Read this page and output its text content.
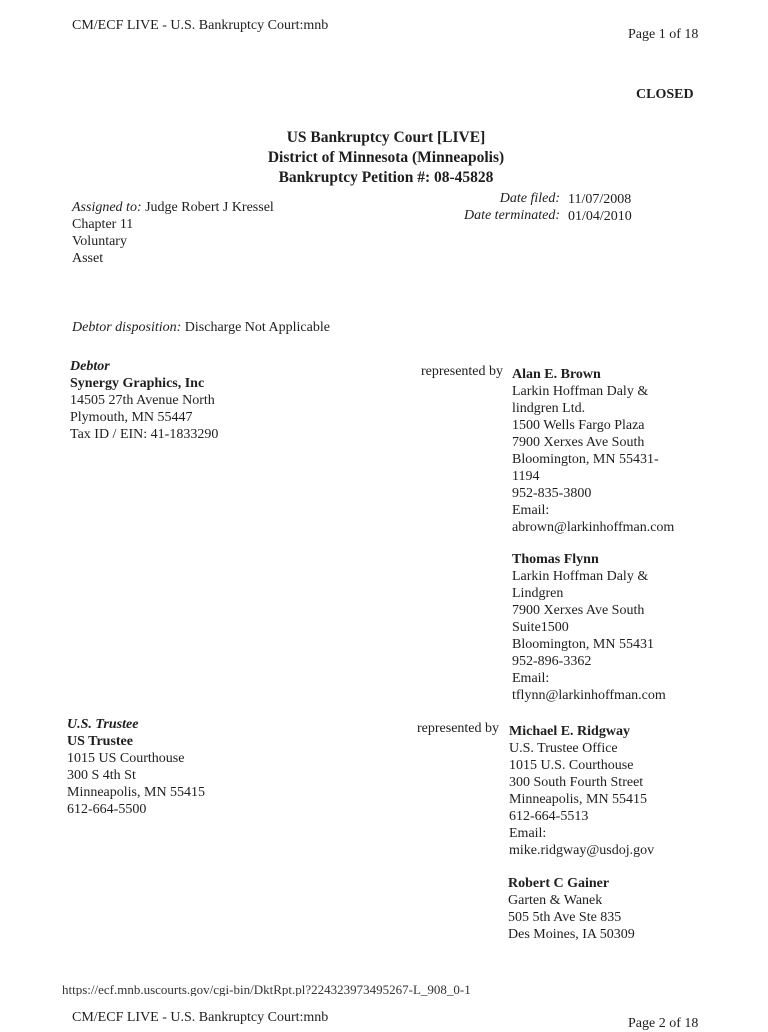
CM/ECF LIVE - U.S. Bankruptcy Court:mnb
Page 1 of 18
CLOSED
US Bankruptcy Court [LIVE]
District of Minnesota (Minneapolis)
Bankruptcy Petition #: 08-45828
Assigned to: Judge Robert J Kressel
Chapter 11
Voluntary
Asset
Date filed:
Date terminated:
11/07/2008
01/04/2010
Debtor disposition: Discharge Not Applicable
Debtor
Synergy Graphics, Inc
14505 27th Avenue North
Plymouth, MN 55447
Tax ID / EIN: 41-1833290
represented by Alan E. Brown
Larkin Hoffman Daly &
lindgren Ltd.
1500 Wells Fargo Plaza
7900 Xerxes Ave South
Bloomington, MN 55431-
1194
952-835-3800
Email:
abrown@larkinhoffman.com
Thomas Flynn
Larkin Hoffman Daly &
Lindgren
7900 Xerxes Ave South
Suite1500
Bloomington, MN 55431
952-896-3362
Email:
tflynn@larkinhoffman.com
U.S. Trustee
US Trustee
1015 US Courthouse
300 S 4th St
Minneapolis, MN 55415
612-664-5500
represented by Michael E. Ridgway
U.S. Trustee Office
1015 U.S. Courthouse
300 South Fourth Street
Minneapolis, MN 55415
612-664-5513
Email:
mike.ridgway@usdoj.gov
Robert C Gainer
Garten & Wanek
505 5th Ave Ste 835
Des Moines, IA 50309
https://ecf.mnb.uscourts.gov/cgi-bin/DktRpt.pl?224323973495267-L_908_0-1
CM/ECF LIVE - U.S. Bankruptcy Court:mnb	Page 2 of 18
